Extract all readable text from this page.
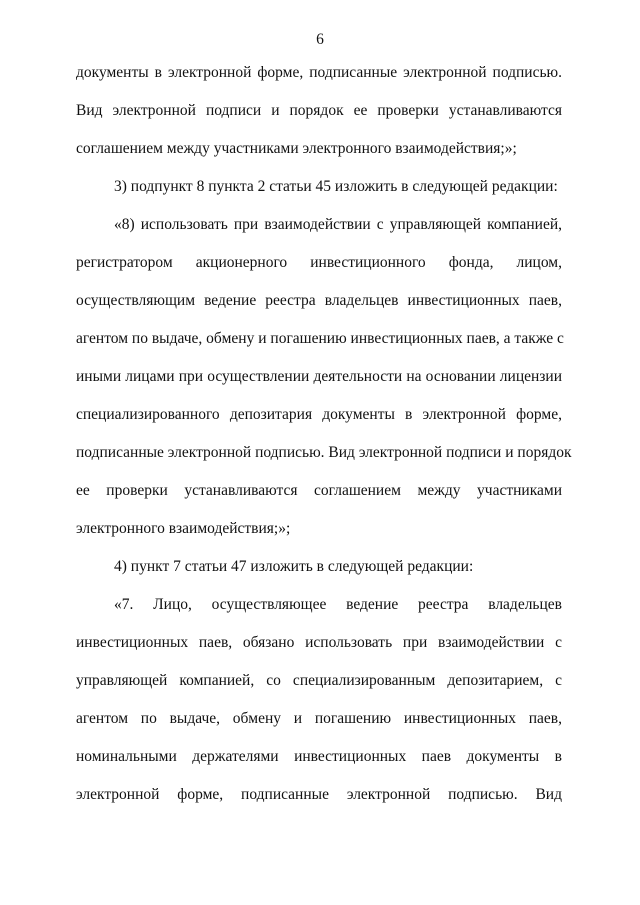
6
документы в электронной форме, подписанные электронной подписью.
Вид электронной подписи и порядок ее проверки устанавливаются
соглашением между участниками электронного взаимодействия;»;
3) подпункт 8 пункта 2 статьи 45 изложить в следующей редакции:
«8) использовать при взаимодействии с управляющей компанией,
регистратором акционерного инвестиционного фонда, лицом,
осуществляющим ведение реестра владельцев инвестиционных паев,
агентом по выдаче, обмену и погашению инвестиционных паев, а также с
иными лицами при осуществлении деятельности на основании лицензии
специализированного депозитария документы в электронной форме,
подписанные электронной подписью. Вид электронной подписи и порядок
ее проверки устанавливаются соглашением между участниками
электронного взаимодействия;»;
4) пункт 7 статьи 47 изложить в следующей редакции:
«7. Лицо, осуществляющее ведение реестра владельцев
инвестиционных паев, обязано использовать при взаимодействии с
управляющей компанией, со специализированным депозитарием, с
агентом по выдаче, обмену и погашению инвестиционных паев,
номинальными держателями инвестиционных паев документы в
электронной форме, подписанные электронной подписью. Вид
